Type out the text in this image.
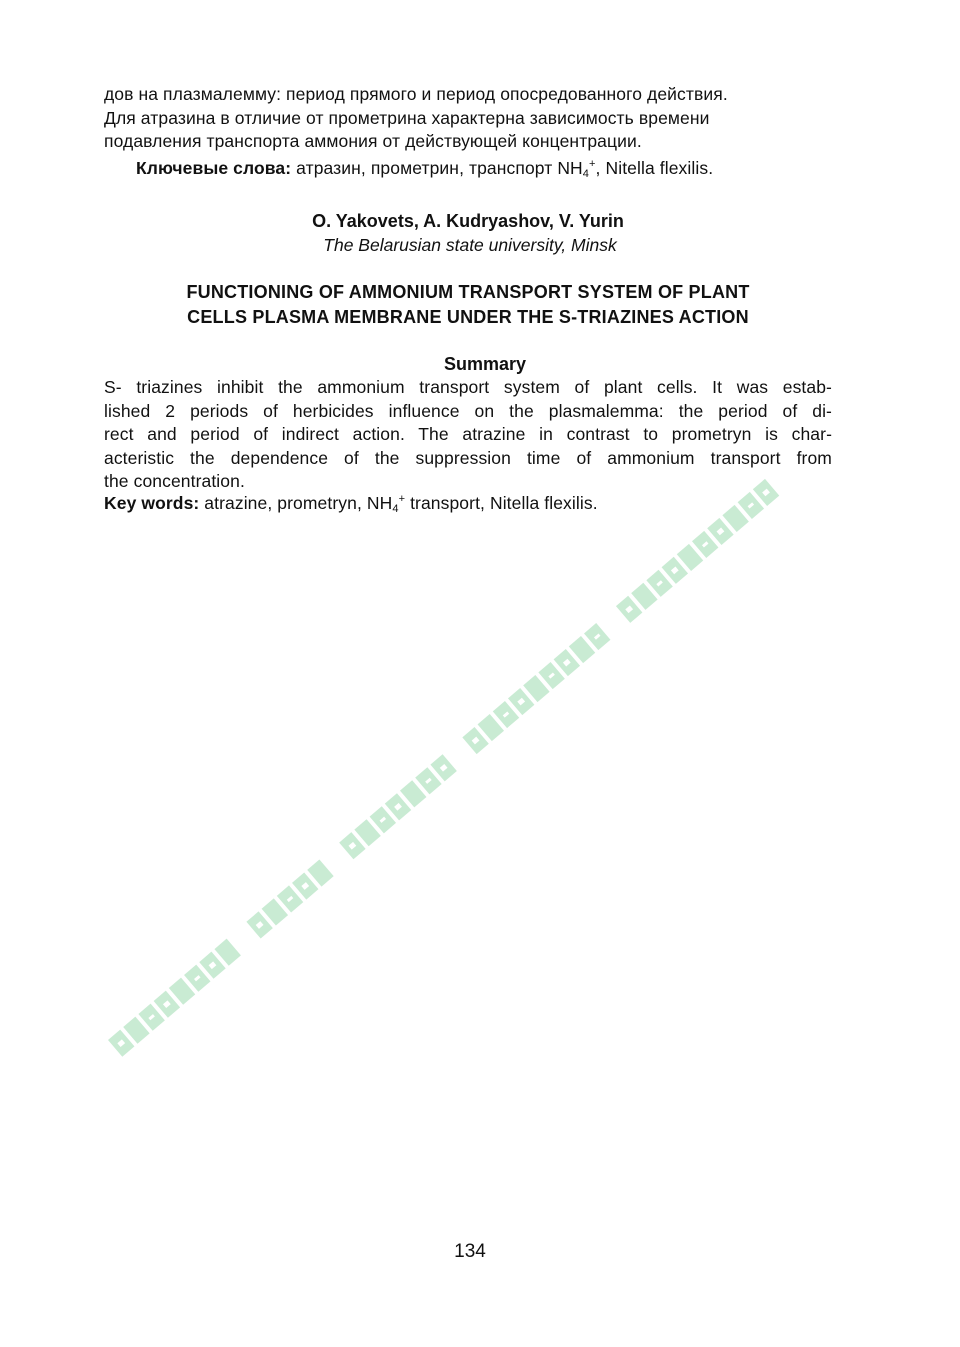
дов на плазмалемму: период прямого и период опосредованного действия.
Для атразина в отличие от прометрина характерна зависимость времени
подавления транспорта аммония от действующей концентрации.
Ключевые слова: атразин, прометрин, транспорт $NH_4^+$, Nitella flexilis.
O. Yakovets, A. Kudryashov, V. Yurin
The Belarusian state university, Minsk
FUNCTIONING OF AMMONIUM TRANSPORT SYSTEM OF PLANT
CELLS PLASMA MEMBRANE UNDER THE S-TRIAZINES ACTION
Summary
S- triazines inhibit the ammonium transport system of plant cells. It was estab-
lished 2 periods of herbicides influence on the plasmalemma: the period of di-
rect and period of indirect action. The atrazine in contrast to prometryn is char-
acteristic the dependence of the suppression time of ammonium transport from
the concentration.
Key words: atrazine, prometryn, $NH_4^+$ transport, Nitella flexilis.
134
